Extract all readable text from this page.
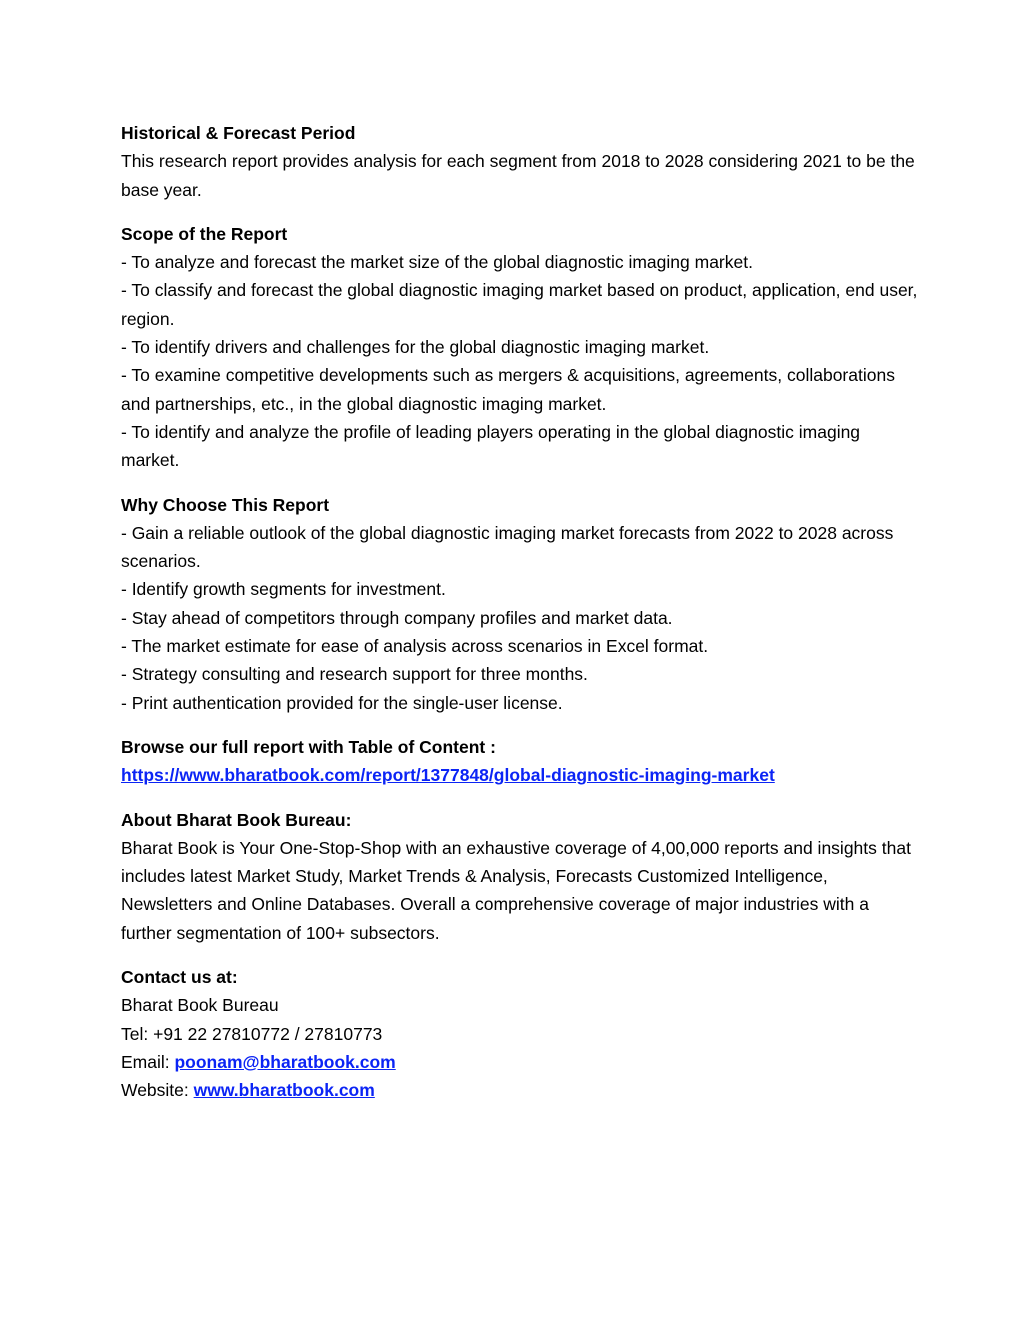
Historical & Forecast Period

This research report provides analysis for each segment from 2018 to 2028 considering 2021 to be the base year.

Scope of the Report

- To analyze and forecast the market size of the global diagnostic imaging market.

- To classify and forecast the global diagnostic imaging market based on product, application, end user, region.

- To identify drivers and challenges for the global diagnostic imaging market.

- To examine competitive developments such as mergers & acquisitions, agreements, collaborations and partnerships, etc., in the global diagnostic imaging market.

- To identify and analyze the profile of leading players operating in the global diagnostic imaging market.

Why Choose This Report

- Gain a reliable outlook of the global diagnostic imaging market forecasts from 2022 to 2028 across scenarios.

- Identify growth segments for investment.

- Stay ahead of competitors through company profiles and market data.

- The market estimate for ease of analysis across scenarios in Excel format.

- Strategy consulting and research support for three months.

- Print authentication provided for the single-user license.

Browse our full report with Table of Content :
https://www.bharatbook.com/report/1377848/global-diagnostic-imaging-market
About Bharat Book Bureau:

Bharat Book is Your One-Stop-Shop with an exhaustive coverage of 4,00,000 reports and insights that includes latest Market Study, Market Trends & Analysis, Forecasts Customized Intelligence, Newsletters and Online Databases. Overall a comprehensive coverage of major industries with a further segmentation of 100+ subsectors.

Contact us at:
Bharat Book Bureau
Tel: +91 22 27810772 / 27810773
Email: poonam@bharatbook.com
Website: www.bharatbook.com
